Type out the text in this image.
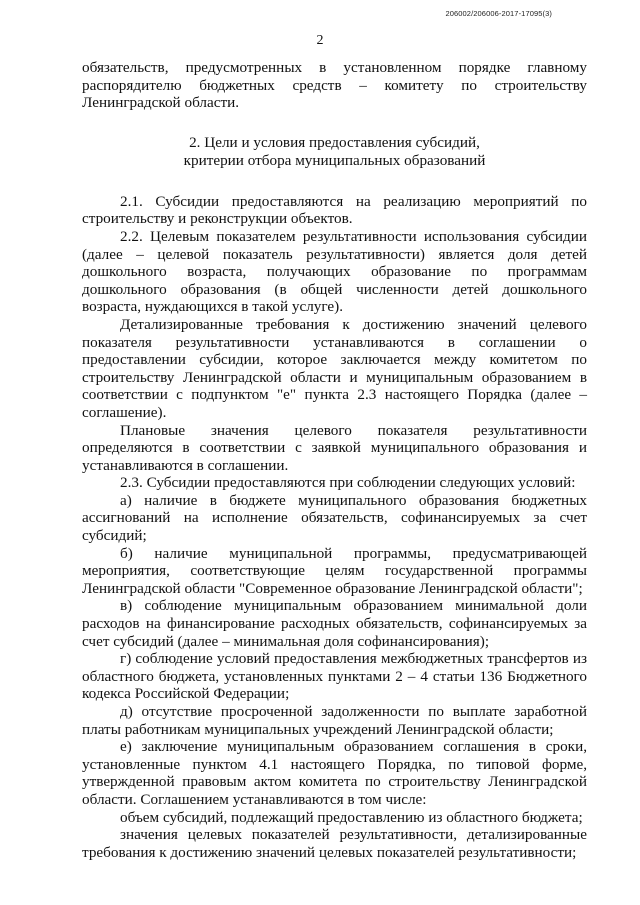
206002/206006-2017-17095(3)
2

обязательств, предусмотренных в установленном порядке главному распорядителю бюджетных средств – комитету по строительству Ленинградской области.

2. Цели и условия предоставления субсидий,
критерии отбора муниципальных образований

2.1. Субсидии предоставляются на реализацию мероприятий по строительству и реконструкции объектов.

2.2. Целевым показателем результативности использования субсидии (далее – целевой показатель результативности) является доля детей дошкольного возраста, получающих образование по программам дошкольного образования (в общей численности детей дошкольного возраста, нуждающихся в такой услуге).

Детализированные требования к достижению значений целевого показателя результативности устанавливаются в соглашении о предоставлении субсидии, которое заключается между комитетом по строительству Ленинградской области и муниципальным образованием в соответствии с подпунктом "е" пункта 2.3 настоящего Порядка (далее – соглашение).

Плановые значения целевого показателя результативности определяются в соответствии с заявкой муниципального образования и устанавливаются в соглашении.

2.3. Субсидии предоставляются при соблюдении следующих условий:

а) наличие в бюджете муниципального образования бюджетных ассигнований на исполнение обязательств, софинансируемых за счет субсидий;

б) наличие муниципальной программы, предусматривающей мероприятия, соответствующие целям государственной программы Ленинградской области "Современное образование Ленинградской области";

в) соблюдение муниципальным образованием минимальной доли расходов на финансирование расходных обязательств, софинансируемых за счет субсидий (далее – минимальная доля софинансирования);

г) соблюдение условий предоставления межбюджетных трансфертов из областного бюджета, установленных пунктами 2 – 4 статьи 136 Бюджетного кодекса Российской Федерации;

д) отсутствие просроченной задолженности по выплате заработной платы работникам муниципальных учреждений Ленинградской области;

е) заключение муниципальным образованием соглашения в сроки, установленные пунктом 4.1 настоящего Порядка, по типовой форме, утвержденной правовым актом комитета по строительству Ленинградской области. Соглашением устанавливаются в том числе:

объем субсидий, подлежащий предоставлению из областного бюджета;

значения целевых показателей результативности, детализированные требования к достижению значений целевых показателей результативности;
